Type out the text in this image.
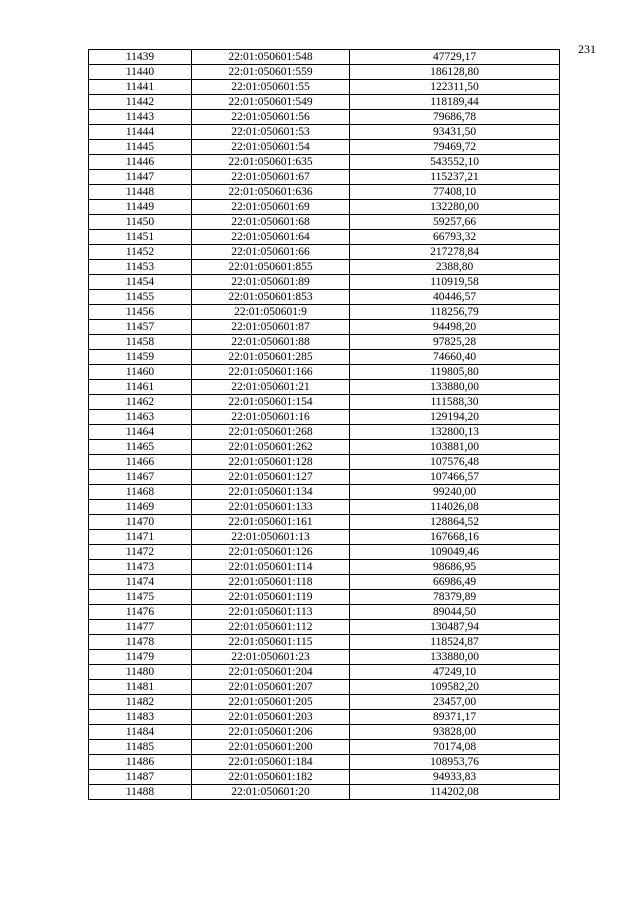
231
11439	22:01:050601:548	47729,17
11440	22:01:050601:559	186128,80
11441	22:01:050601:55	122311,50
11442	22:01:050601:549	118189,44
11443	22:01:050601:56	79686,78
11444	22:01:050601:53	93431,50
11445	22:01:050601:54	79469,72
11446	22:01:050601:635	543552,10
11447	22:01:050601:67	115237,21
11448	22:01:050601:636	77408,10
11449	22:01:050601:69	132280,00
11450	22:01:050601:68	59257,66
11451	22:01:050601:64	66793,32
11452	22:01:050601:66	217278,84
11453	22:01:050601:855	2388,80
11454	22:01:050601:89	110919,58
11455	22:01:050601:853	40446,57
11456	22:01:050601:9	118256,79
11457	22:01:050601:87	94498,20
11458	22:01:050601:88	97825,28
11459	22:01:050601:285	74660,40
11460	22:01:050601:166	119805,80
11461	22:01:050601:21	133880,00
11462	22:01:050601:154	111588,30
11463	22:01:050601:16	129194,20
11464	22:01:050601:268	132800,13
11465	22:01:050601:262	103881,00
11466	22:01:050601:128	107576,48
11467	22:01:050601:127	107466,57
11468	22:01:050601:134	99240,00
11469	22:01:050601:133	114026,08
11470	22:01:050601:161	128864,52
11471	22:01:050601:13	167668,16
11472	22:01:050601:126	109049,46
11473	22:01:050601:114	98686,95
11474	22:01:050601:118	66986,49
11475	22:01:050601:119	78379,89
11476	22:01:050601:113	89044,50
11477	22:01:050601:112	130487,94
11478	22:01:050601:115	118524,87
11479	22:01:050601:23	133880,00
11480	22:01:050601:204	47249,10
11481	22:01:050601:207	109582,20
11482	22:01:050601:205	23457,00
11483	22:01:050601:203	89371,17
11484	22:01:050601:206	93828,00
11485	22:01:050601:200	70174,08
11486	22:01:050601:184	108953,76
11487	22:01:050601:182	94933,83
11488	22:01:050601:20	114202,08
